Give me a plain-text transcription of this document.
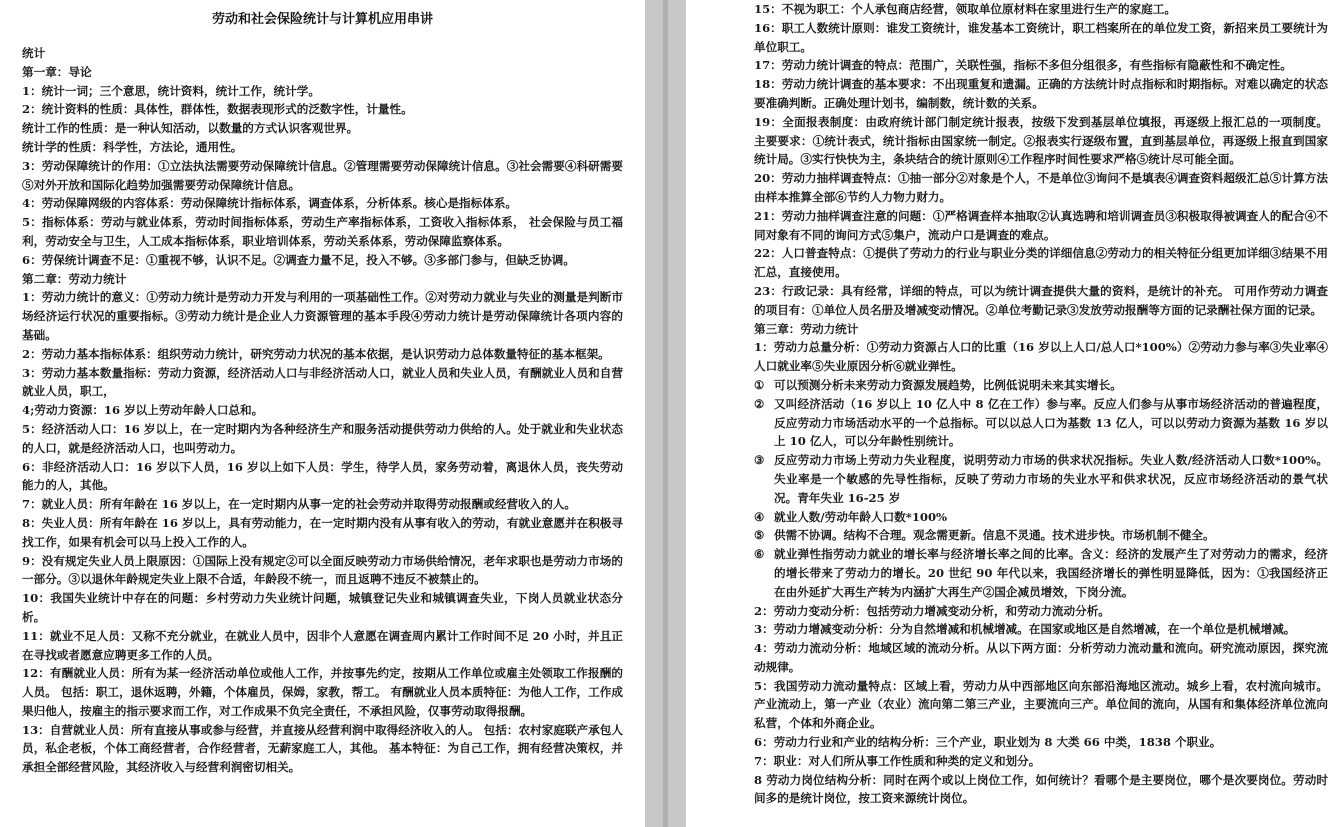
劳动和社会保险统计与计算机应用串讲

统计

第一章：导论

1：统计一词；三个意思，统计资料，统计工作，统计学。

2：统计资料的性质：具体性，群体性，数据表现形式的泛数字性，计量性。

统计工作的性质：是一种认知活动，以数量的方式认识客观世界。

统计学的性质：科学性，方法论，通用性。

3：劳动保障统计的作用：①立法执法需要劳动保障统计信息。②管理需要劳动保障统计信息。③社会需要④科研需要⑤对外开放和国际化趋势加强需要劳动保障统计信息。

4：劳动保障网级的内容体系：劳动保障统计指标体系，调查体系，分析体系。核心是指标体系。

5：指标体系：劳动与就业体系，劳动时间指标体系，劳动生产率指标体系，工资收入指标体系， 社会保险与员工福利，劳动安全与卫生，人工成本指标体系，职业培训体系，劳动关系体系，劳动保障监察体系。

6：劳保统计调查不足：①重视不够，认识不足。②调查力量不足，投入不够。③多部门参与，但缺乏协调。

第二章：劳动力统计

1：劳动力统计的意义：①劳动力统计是劳动力开发与利用的一项基础性工作。②对劳动力就业与失业的测量是判断市场经济运行状况的重要指标。③劳动力统计是企业人力资源管理的基本手段④劳动力统计是劳动保障统计各项内容的基础。

2：劳动力基本指标体系：组织劳动力统计，研究劳动力状况的基本依据，是认识劳动力总体数量特征的基本框架。

3：劳动力基本数量指标：劳动力资源，经济活动人口与非经济活动人口，就业人员和失业人员，有酬就业人员和自营就业人员，职工，

4;劳动力资源：16 岁以上劳动年龄人口总和。

5：经济活动人口：16 岁以上，在一定时期内为各种经济生产和服务活动提供劳动力供给的人。处于就业和失业状态的人口，就是经济活动人口，也叫劳动力。

6：非经济活动人口：16 岁以下人员，16 岁以上如下人员：学生，待学人员，家务劳动着，离退休人员，丧失劳动能力的人，其他。

7：就业人员：所有年龄在 16 岁以上，在一定时期内从事一定的社会劳动并取得劳动报酬或经营收入的人。

8：失业人员：所有年龄在 16 岁以上，具有劳动能力，在一定时期内没有从事有收入的劳动，有就业意愿并在积极寻找工作，如果有机会可以马上投入工作的人。

9：没有规定失业人员上限原因：①国际上没有规定②可以全面反映劳动力市场供给情况，老年求职也是劳动力市场的一部分。③以退休年龄规定失业上限不合适，年龄段不统一，而且返聘不违反不被禁止的。

10：我国失业统计中存在的问题：乡村劳动力失业统计问题，城镇登记失业和城镇调查失业，下岗人员就业状态分析。

11：就业不足人员：又称不充分就业，在就业人员中，因非个人意愿在调查周内累计工作时间不足 20 小时，并且正在寻找或者愿意应聘更多工作的人员。

12：有酬就业人员：所有为某一经济活动单位或他人工作，并按事先约定，按期从工作单位或雇主处领取工作报酬的人员。 包括：职工，退休返聘，外籍，个体雇员，保姆，家教，帮工。 有酬就业人员本质特征：为他人工作，工作成果归他人，按雇主的指示要求而工作，对工作成果不负完全责任，不承担风险，仅事劳动取得报酬。

13：自营就业人员：所有直接从事或参与经营，并直接从经营利润中取得经济收入的人。 包括：农村家庭联产承包人员，私企老板，个体工商经营者，合作经营者，无薪家庭工人，其他。 基本特征：为自己工作，拥有经营决策权，并承担全部经营风险，其经济收入与经营利润密切相关。

15：不视为职工：个人承包商店经营，领取单位原材料在家里进行生产的家庭工。

16：职工人数统计原则：谁发工资统计，谁发基本工资统计，职工档案所在的单位发工资，新招来员工要统计为单位职工。

17：劳动力统计调查的特点：范围广，关联性强，指标不多但分组很多，有些指标有隐蔽性和不确定性。

18：劳动力统计调查的基本要求：不出现重复和遗漏。正确的方法统计时点指标和时期指标。对难以确定的状态要准确判断。正确处理计划书，编制数，统计数的关系。

19：全面报表制度：由政府统计部门制定统计报表，按级下发到基层单位填报，再逐级上报汇总的一项制度。 主要要求：①统计表式，统计指标由国家统一制定。②报表实行逐级布置，直到基层单位，再逐级上报直到国家统计局。③实行快快为主，条块结合的统计原则④工作程序时间性要求严格⑤统计尽可能全面。

20：劳动力抽样调查特点：①抽一部分②对象是个人，不是单位③询问不是填表④调查资料超级汇总⑤计算方法由样本推算全部⑥节约人力物力财力。

21：劳动力抽样调查注意的问题：①严格调查样本抽取②认真选聘和培训调查员③积极取得被调查人的配合④不同对象有不同的询问方式⑤集户，流动户口是调查的难点。

22：人口普查特点：①提供了劳动力的行业与职业分类的详细信息②劳动力的相关特征分组更加详细③结果不用汇总，直接使用。

23：行政记录：具有经常，详细的特点，可以为统计调查提供大量的资料，是统计的补充。 可用作劳动力调查的项目有：①单位人员名册及增减变动情况。②单位考勤记录③发放劳动报酬等方面的记录酬社保方面的记录。

第三章：劳动力统计

1：劳动力总量分析：①劳动力资源占人口的比重（16 岁以上人口/总人口*100%）②劳动力参与率③失业率④人口就业率⑤失业原因分析⑥就业弹性。

① 可以预测分析未来劳动力资源发展趋势，比例低说明未来其实增长。

② 又叫经济活动（16 岁以上 10 亿人中 8 亿在工作）参与率。反应人们参与从事市场经济活动的普遍程度，反应劳动力市场活动水平的一个总指标。可以以总人口为基数 13 亿人，可以以劳动力资源为基数 16 岁以上 10 亿人，可以分年龄性别统计。

③ 反应劳动力市场上劳动力失业程度，说明劳动力市场的供求状况指标。失业人数/经济活动人口数*100%。失业率是一个敏感的先导性指标，反映了劳动力市场的失业水平和供求状况，反应市场经济活动的景气状况。青年失业 16-25 岁

④ 就业人数/劳动年龄人口数*100%

⑤ 供需不协调。结构不合理。观念需更新。信息不灵通。技术进步快。市场机制不健全。

⑥ 就业弹性指劳动力就业的增长率与经济增长率之间的比率。含义：经济的发展产生了对劳动力的需求，经济的增长带来了劳动力的增长。20 世纪 90 年代以来，我国经济增长的弹性明显降低，因为：①我国经济正在由外延扩大再生产转为内涵扩大再生产②国企减员增效，下岗分流。

2：劳动力变动分析：包括劳动力增减变动分析，和劳动力流动分析。

3：劳动力增减变动分析：分为自然增减和机械增减。在国家或地区是自然增减，在一个单位是机械增减。

4：劳动力流动分析：地域区域的流动分析。从以下两方面：分析劳动力流动量和流向。研究流动原因，探究流动规律。

5：我国劳动力流动量特点：区域上看，劳动力从中西部地区向东部沿海地区流动。城乡上看，农村流向城市。产业流动上，第一产业（农业）流向第二第三产业，主要流向三产。单位间的流向，从国有和集体经济单位流向私营，个体和外商企业。

6：劳动力行业和产业的结构分析：三个产业，职业划为 8 大类 66 中类，1838 个职业。

7：职业：对人们所从事工作性质和种类的定义和划分。

8 劳动力岗位结构分析：同时在两个或以上岗位工作，如何统计？看哪个是主要岗位，哪个是次要岗位。劳动时间多的是统计岗位，按工资来源统计岗位。
